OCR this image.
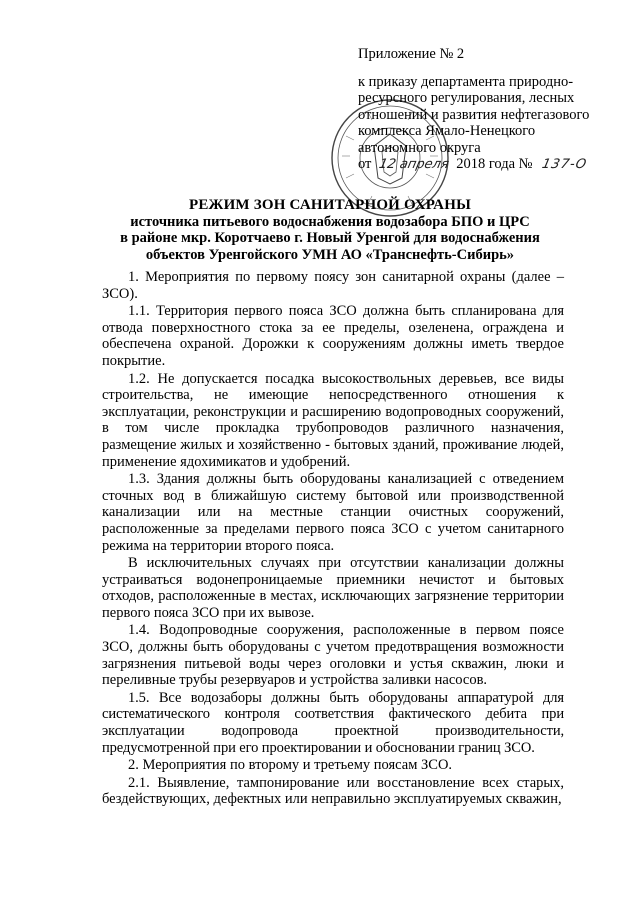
Приложение № 2
к приказу департамента природно-
ресурсного регулирования, лесных
отношений и развития нефтегазового
комплекса Ямало-Ненецкого
автономного округа
от 12 апреля 2018 года № 137-О
РЕЖИМ ЗОН САНИТАРНОЙ ОХРАНЫ
источника питьевого водоснабжения водозабора БПО и ЦРС
в районе мкр. Коротчаево г. Новый Уренгой для водоснабжения
объектов Уренгойского УМН АО «Транснефть-Сибирь»

1. Мероприятия по первому поясу зон санитарной охраны (далее – ЗСО).

1.1. Территория первого пояса ЗСО должна быть спланирована для отвода поверхностного стока за ее пределы, озеленена, ограждена и обеспечена охраной. Дорожки к сооружениям должны иметь твердое покрытие.

1.2. Не допускается посадка высокоствольных деревьев, все виды строительства, не имеющие непосредственного отношения к эксплуатации, реконструкции и расширению водопроводных сооружений, в том числе прокладка трубопроводов различного назначения, размещение жилых и хозяйственно - бытовых зданий, проживание людей, применение ядохимикатов и удобрений.

1.3. Здания должны быть оборудованы канализацией с отведением сточных вод в ближайшую систему бытовой или производственной канализации или на местные станции очистных сооружений, расположенные за пределами первого пояса ЗСО с учетом санитарного режима на территории второго пояса.

В исключительных случаях при отсутствии канализации должны устраиваться водонепроницаемые приемники нечистот и бытовых отходов, расположенные в местах, исключающих загрязнение территории первого пояса ЗСО при их вывозе.

1.4. Водопроводные сооружения, расположенные в первом поясе ЗСО, должны быть оборудованы с учетом предотвращения возможности загрязнения питьевой воды через оголовки и устья скважин, люки и переливные трубы резервуаров и устройства заливки насосов.

1.5. Все водозаборы должны быть оборудованы аппаратурой для систематического контроля соответствия фактического дебита при эксплуатации водопровода проектной производительности, предусмотренной при его проектировании и обосновании границ ЗСО.

2. Мероприятия по второму и третьему поясам ЗСО.

2.1. Выявление, тампонирование или восстановление всех старых, бездействующих, дефектных или неправильно эксплуатируемых скважин,
